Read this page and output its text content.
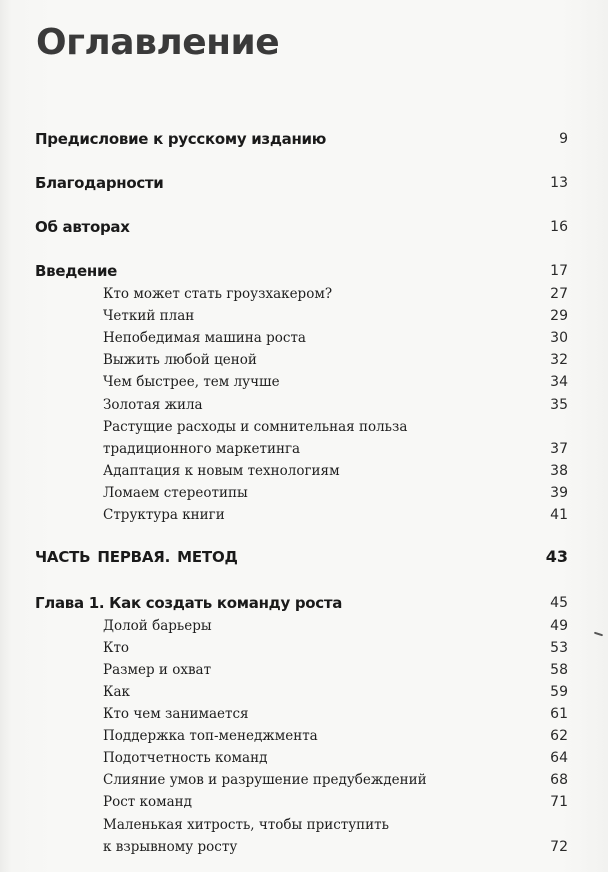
Оглавление
Предисловие к русскому изданию	9
Благодарности	13
Об авторах	16
Введение	17
Кто может стать гроузхакером?	27
Четкий план	29
Непобедимая машина роста	30
Выжить любой ценой	32
Чем быстрее, тем лучше	34
Золотая жила	35
Растущие расходы и сомнительная польза
традиционного маркетинга	37
Адаптация к новым технологиям	38
Ломаем стереотипы	39
Структура книги	41
ЧАСТЬ ПЕРВАЯ. МЕТОД	43
Глава 1. Как создать команду роста	45
Долой барьеры	49
Кто	53
Размер и охват	58
Как	59
Кто чем занимается	61
Поддержка топ-менеджмента	62
Подотчетность команд	64
Слияние умов и разрушение предубеждений	68
Рост команд	71
Маленькая хитрость, чтобы приступить
к взрывному росту	72
